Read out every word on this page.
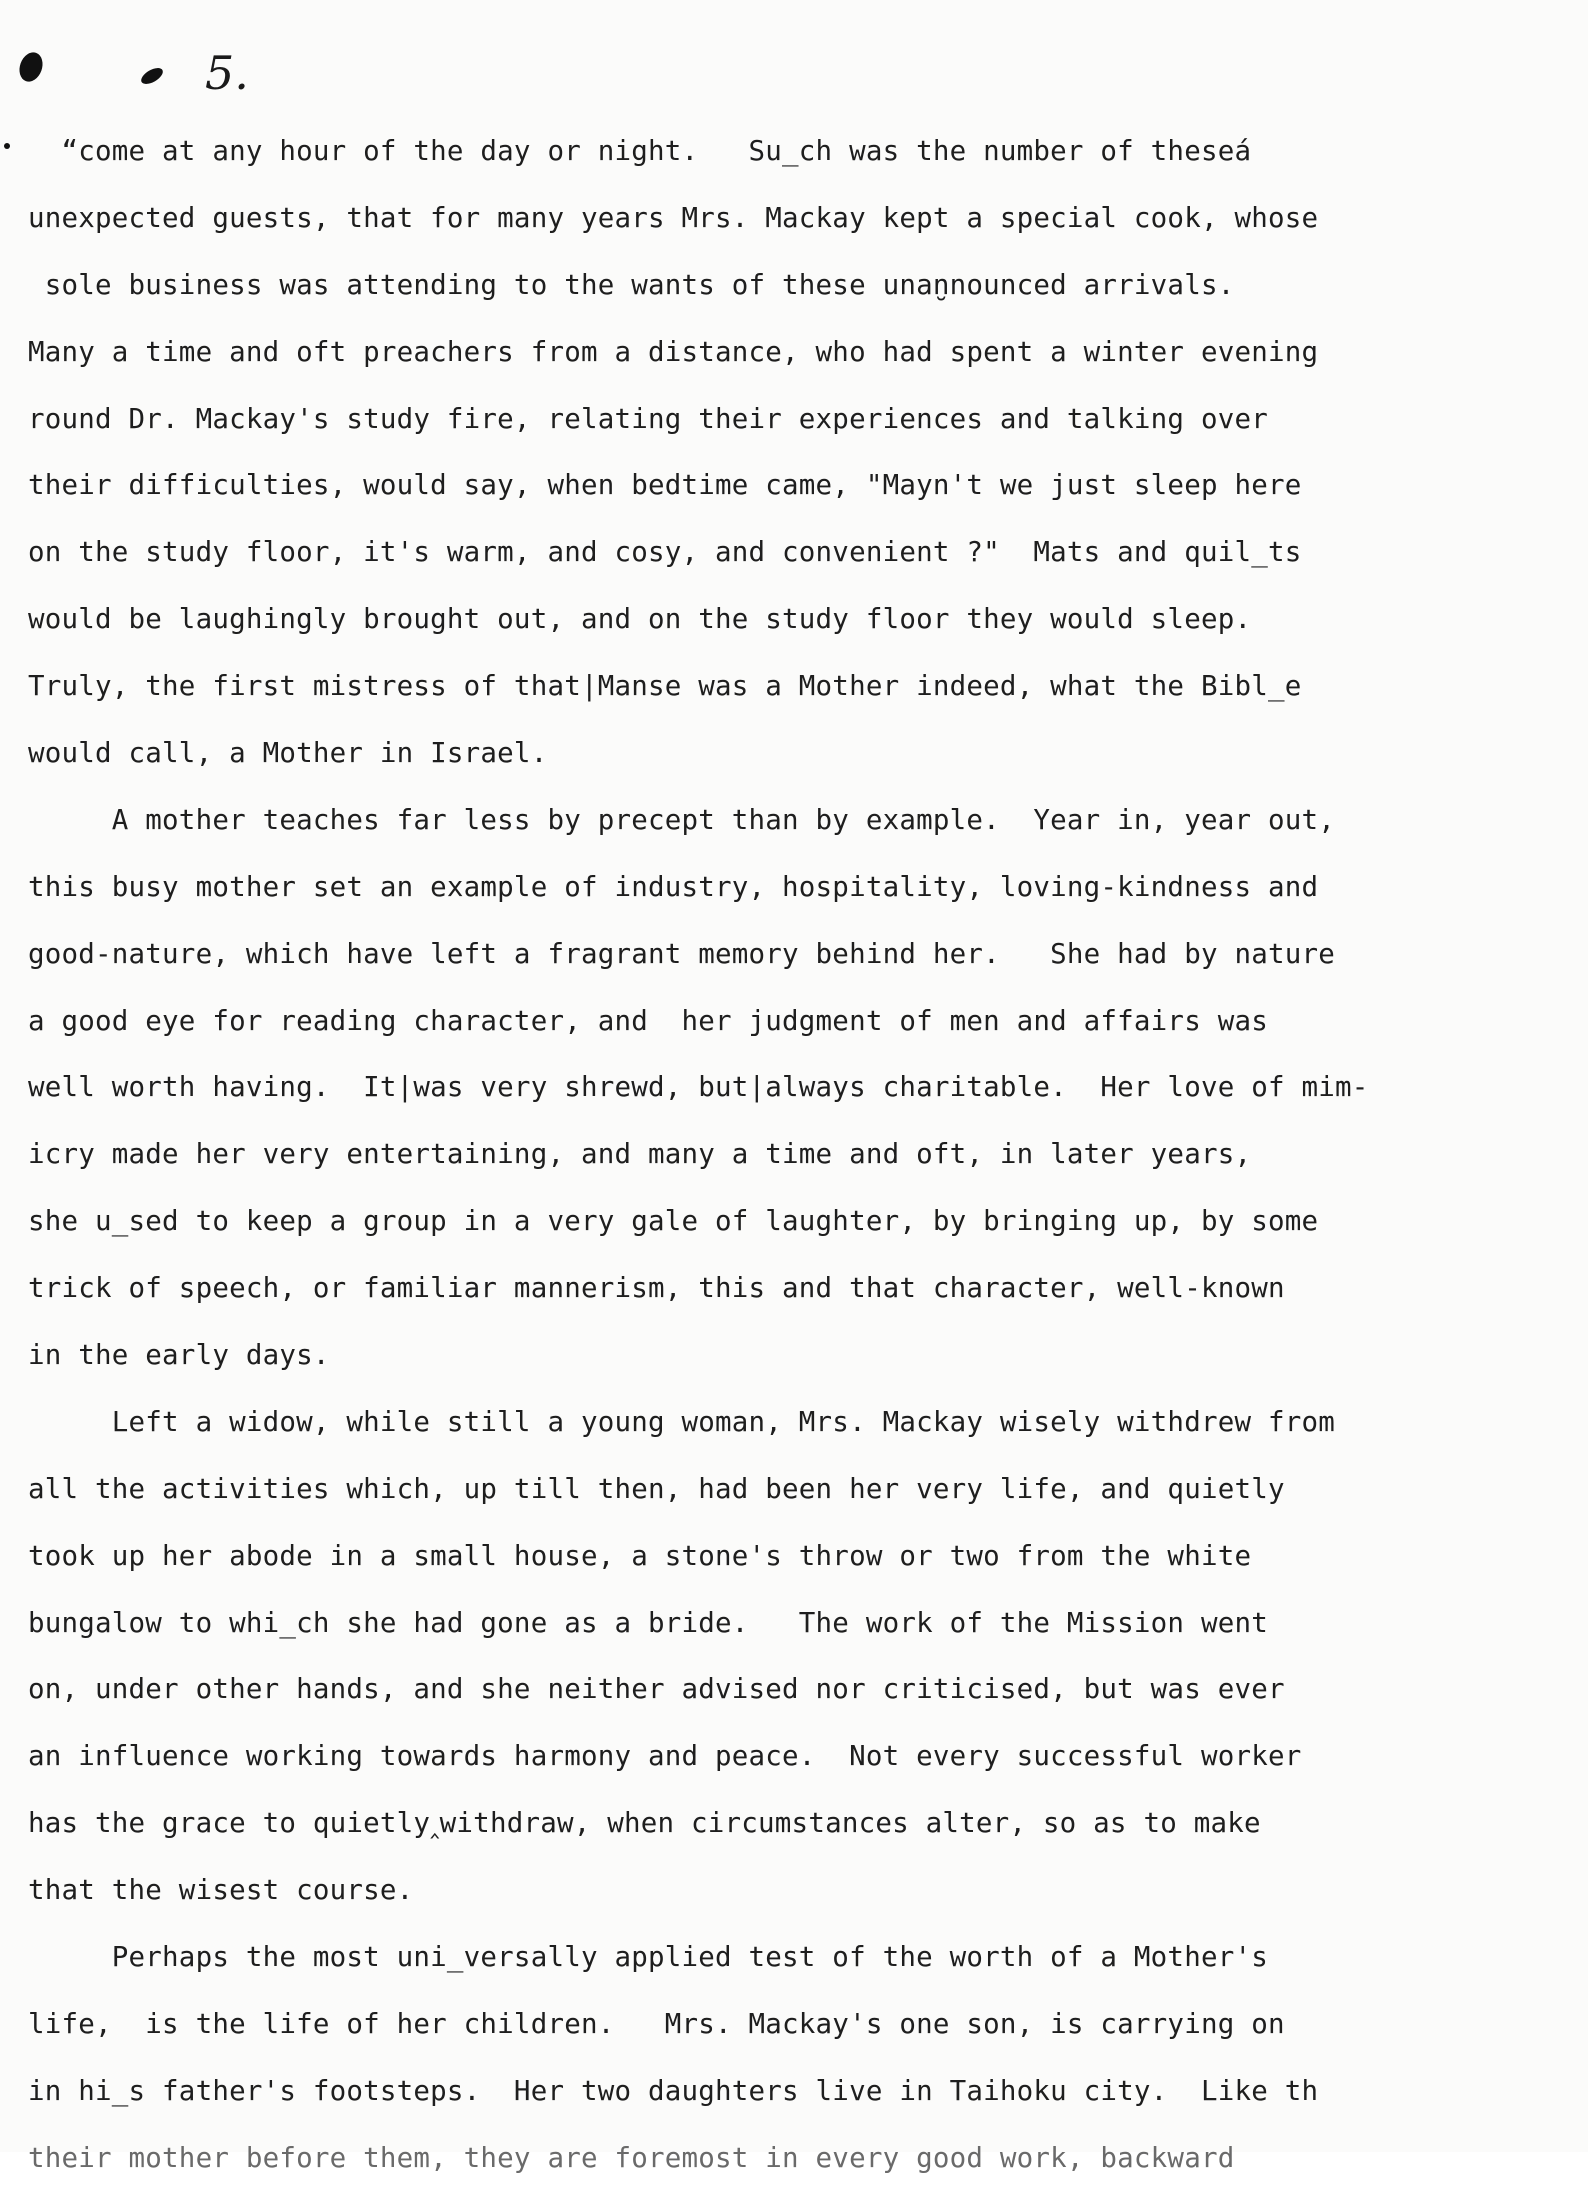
5.
“come at any hour of the day or night.   Su_ch was the number of theseá
unexpected guests, that for many years Mrs. Mackay kept a special cook, whose
sole business was attending to the wants of these unan̮nounced arrivals.
Many a time and oft preachers from a distance, who had spent a winter evening
round Dr. Mackay's study fire, relating their experiences and talking over
their difficulties, would say, when bedtime came, "Mayn't we just sleep here
on the study floor, it's warm, and cosy, and convenient ?"  Mats and quil_ts
would be laughingly brought out, and on the study floor they would sleep.
Truly, the first mistress of that∣Manse was a Mother indeed, what the Bibl_e
would call, a Mother in Israel.
A mother teaches far less by precept than by example.  Year in, year out,
this busy mother set an example of industry, hospitality, loving-kindness and
good-nature, which have left a fragrant memory behind her.   She had by nature
a good eye for reading character, and  her judgment of men and affairs was
well worth having.  It∣was very shrewd, but∣always charitable.  Her love of mim-
icry made her very entertaining, and many a time and oft, in later years,
she u_sed to keep a group in a very gale of laughter, by bringing up, by some
trick of speech, or familiar mannerism, this and that character, well-known
in the early days.
Left a widow, while still a young woman, Mrs. Mackay wisely withdrew from
all the activities which, up till then, had been her very life, and quietly
took up her abode in a small house, a stone's throw or two from the white
bungalow to whi_ch she had gone as a bride.   The work of the Mission went
on, under other hands, and she neither advised nor criticised, but was ever
an influence working towards harmony and peace.  Not every successful worker
has the grace to quietly‸withdraw, when circumstances alter, so as to make
that the wisest course.
Perhaps the most uni_versally applied test of the worth of a Mother's
life,  is the life of her children.   Mrs. Mackay's one son, is carrying on
in hi_s father's footsteps.  Her two daughters live in Taihoku city.  Like th
their mother before them, they are foremost in every good work, backward
